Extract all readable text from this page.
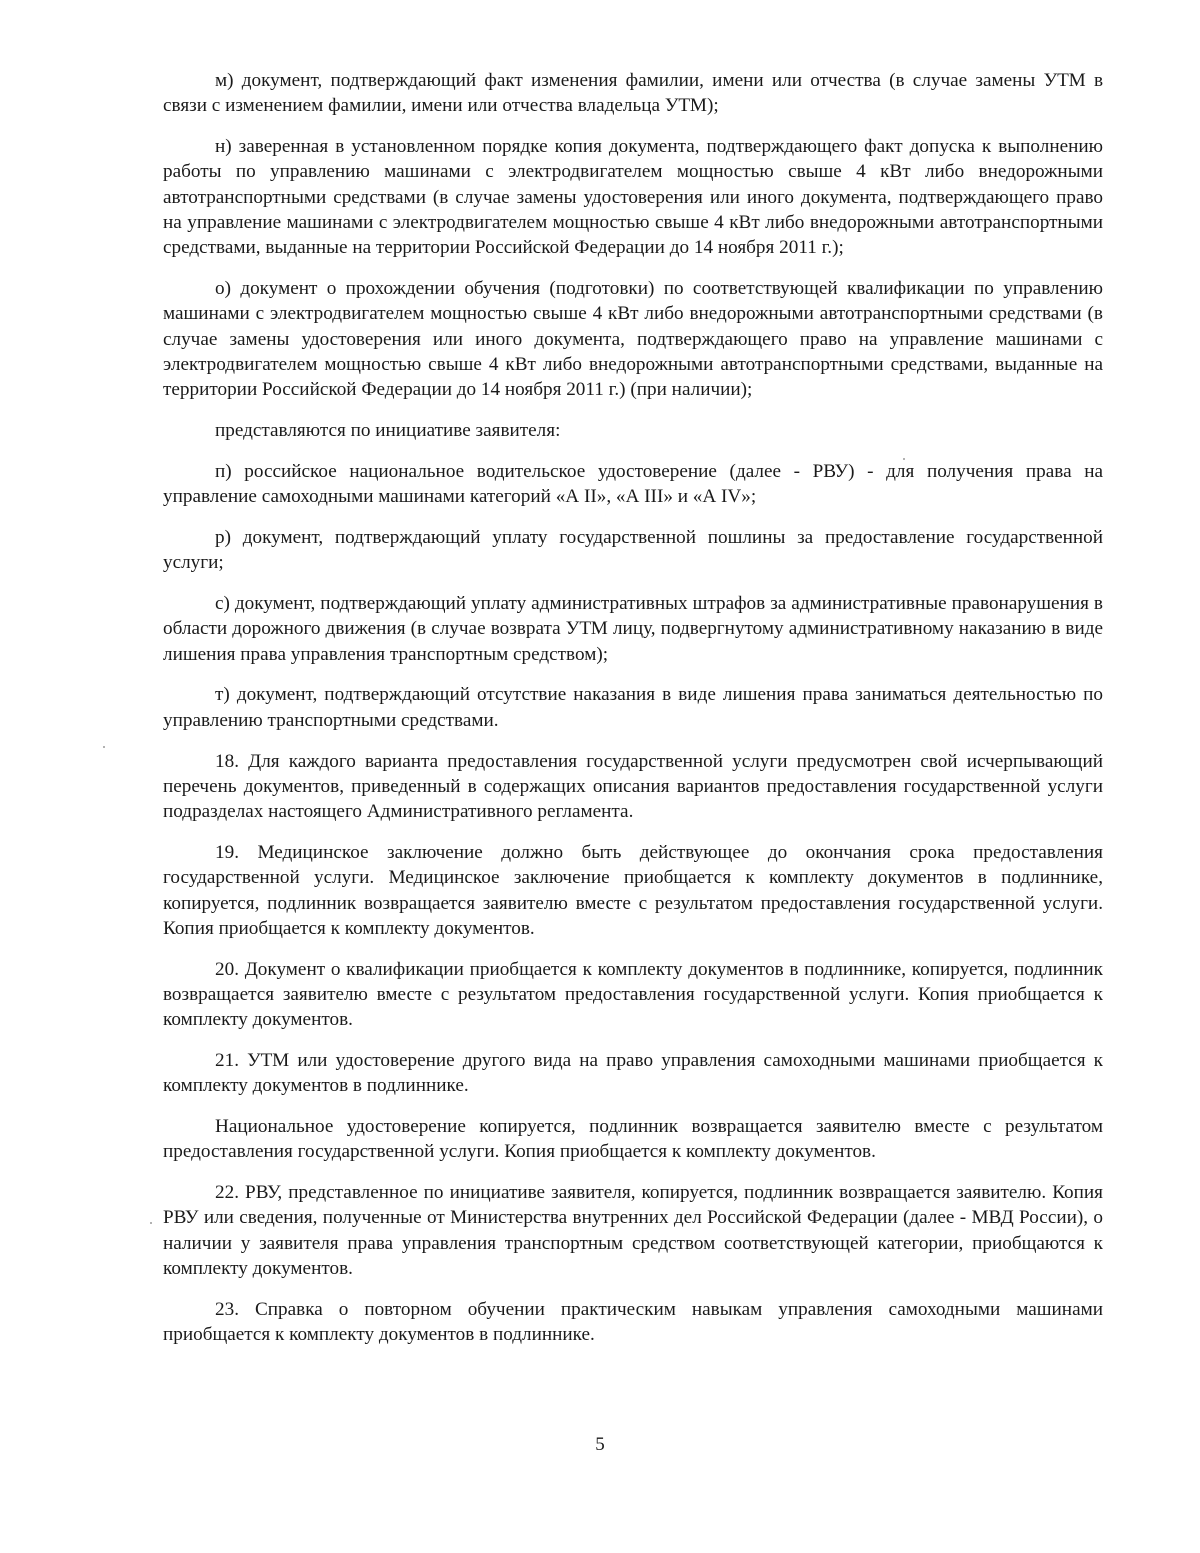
м) документ, подтверждающий факт изменения фамилии, имени или отчества (в случае замены УТМ в связи с изменением фамилии, имени или отчества владельца УТМ);

н) заверенная в установленном порядке копия документа, подтверждающего факт допуска к выполнению работы по управлению машинами с электродвигателем мощностью свыше 4 кВт либо внедорожными автотранспортными средствами (в случае замены удостоверения или иного документа, подтверждающего право на управление машинами с электродвигателем мощностью свыше 4 кВт либо внедорожными автотранспортными средствами, выданные на территории Российской Федерации до 14 ноября 2011 г.);

о) документ о прохождении обучения (подготовки) по соответствующей квалификации по управлению машинами с электродвигателем мощностью свыше 4 кВт либо внедорожными автотранспортными средствами (в случае замены удостоверения или иного документа, подтверждающего право на управление машинами с электродвигателем мощностью свыше 4 кВт либо внедорожными автотранспортными средствами, выданные на территории Российской Федерации до 14 ноября 2011 г.) (при наличии);

представляются по инициативе заявителя:

п) российское национальное водительское удостоверение (далее - РВУ) - для получения права на управление самоходными машинами категорий «А II», «А III» и «А IV»;

р) документ, подтверждающий уплату государственной пошлины за предоставление государственной услуги;

с) документ, подтверждающий уплату административных штрафов за административные правонарушения в области дорожного движения (в случае возврата УТМ лицу, подвергнутому административному наказанию в виде лишения права управления транспортным средством);

т) документ, подтверждающий отсутствие наказания в виде лишения права заниматься деятельностью по управлению транспортными средствами.

18. Для каждого варианта предоставления государственной услуги предусмотрен свой исчерпывающий перечень документов, приведенный в содержащих описания вариантов предоставления государственной услуги подразделах настоящего Административного регламента.

19. Медицинское заключение должно быть действующее до окончания срока предоставления государственной услуги. Медицинское заключение приобщается к комплекту документов в подлиннике, копируется, подлинник возвращается заявителю вместе с результатом предоставления государственной услуги. Копия приобщается к комплекту документов.

20. Документ о квалификации приобщается к комплекту документов в подлиннике, копируется, подлинник возвращается заявителю вместе с результатом предоставления государственной услуги. Копия приобщается к комплекту документов.

21. УТМ или удостоверение другого вида на право управления самоходными машинами приобщается к комплекту документов в подлиннике.

Национальное удостоверение копируется, подлинник возвращается заявителю вместе с результатом предоставления государственной услуги. Копия приобщается к комплекту документов.

22. РВУ, представленное по инициативе заявителя, копируется, подлинник возвращается заявителю. Копия РВУ или сведения, полученные от Министерства внутренних дел Российской Федерации (далее - МВД России), о наличии у заявителя права управления транспортным средством соответствующей категории, приобщаются к комплекту документов.

23. Справка о повторном обучении практическим навыкам управления самоходными машинами приобщается к комплекту документов в подлиннике.

5
